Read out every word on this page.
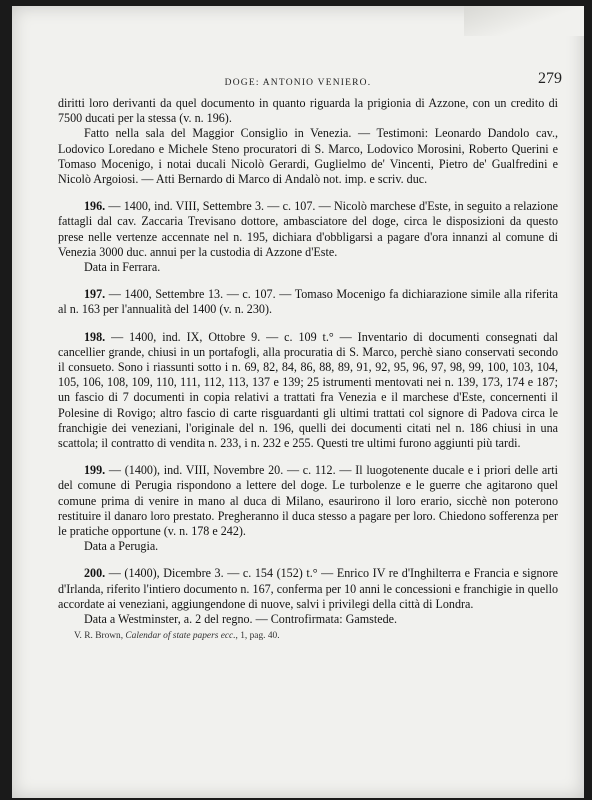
DOGE: ANTONIO VENIERO.	279

diritti loro derivanti da quel documento in quanto riguarda la prigionia di Azzone, con un credito di 7500 ducati per la stessa (v. n. 196).

Fatto nella sala del Maggior Consiglio in Venezia. — Testimoni: Leonardo Dandolo cav., Lodovico Loredano e Michele Steno procuratori di S. Marco, Lodovico Morosini, Roberto Querini e Tomaso Mocenigo, i notai ducali Nicolò Gerardi, Guglielmo de' Vincenti, Pietro de' Gualfredini e Nicolò Argoiosi. — Atti Bernardo di Marco di Andalò not. imp. e scriv. duc.

196. — 1400, ind. VIII, Settembre 3. — c. 107. — Nicolò marchese d'Este, in seguito a relazione fattagli dal cav. Zaccaria Trevisano dottore, ambasciatore del doge, circa le disposizioni da questo prese nelle vertenze accennate nel n. 195, dichiara d'obbligarsi a pagare d'ora innanzi al comune di Venezia 3000 duc. annui per la custodia di Azzone d'Este.

Data in Ferrara.

197. — 1400, Settembre 13. — c. 107. — Tomaso Mocenigo fa dichiarazione simile alla riferita al n. 163 per l'annualità del 1400 (v. n. 230).

198. — 1400, ind. IX, Ottobre 9. — c. 109 t.° — Inventario di documenti consegnati dal cancellier grande, chiusi in un portafogli, alla procuratia di S. Marco, perchè siano conservati secondo il consueto. Sono i riassunti sotto i n. 69, 82, 84, 86, 88, 89, 91, 92, 95, 96, 97, 98, 99, 100, 103, 104, 105, 106, 108, 109, 110, 111, 112, 113, 137 e 139; 25 istrumenti mentovati nei n. 139, 173, 174 e 187; un fascio di 7 documenti in copia relativi a trattati fra Venezia e il marchese d'Este, concernenti il Polesine di Rovigo; altro fascio di carte risguardanti gli ultimi trattati col signore di Padova circa le franchigie dei veneziani, l'originale del n. 196, quelli dei documenti citati nel n. 186 chiusi in una scattola; il contratto di vendita n. 233, i n. 232 e 255. Questi tre ultimi furono aggiunti più tardi.

199. — (1400), ind. VIII, Novembre 20. — c. 112. — Il luogotenente ducale e i priori delle arti del comune di Perugia rispondono a lettere del doge. Le turbolenze e le guerre che agitarono quel comune prima di venire in mano al duca di Milano, esaurirono il loro erario, sicchè non poterono restituire il danaro loro prestato. Pregheranno il duca stesso a pagare per loro. Chiedono sofferenza per le pratiche opportune (v. n. 178 e 242).

Data a Perugia.

200. — (1400), Dicembre 3. — c. 154 (152) t.° — Enrico IV re d'Inghilterra e Francia e signore d'Irlanda, riferito l'intiero documento n. 167, conferma per 10 anni le concessioni e franchigie in quello accordate ai veneziani, aggiungendone di nuove, salvi i privilegi della città di Londra.

Data a Westminster, a. 2 del regno. — Controfirmata: Gamstede.

V. R. Brown, Calendar of state papers ecc., 1, pag. 40.
